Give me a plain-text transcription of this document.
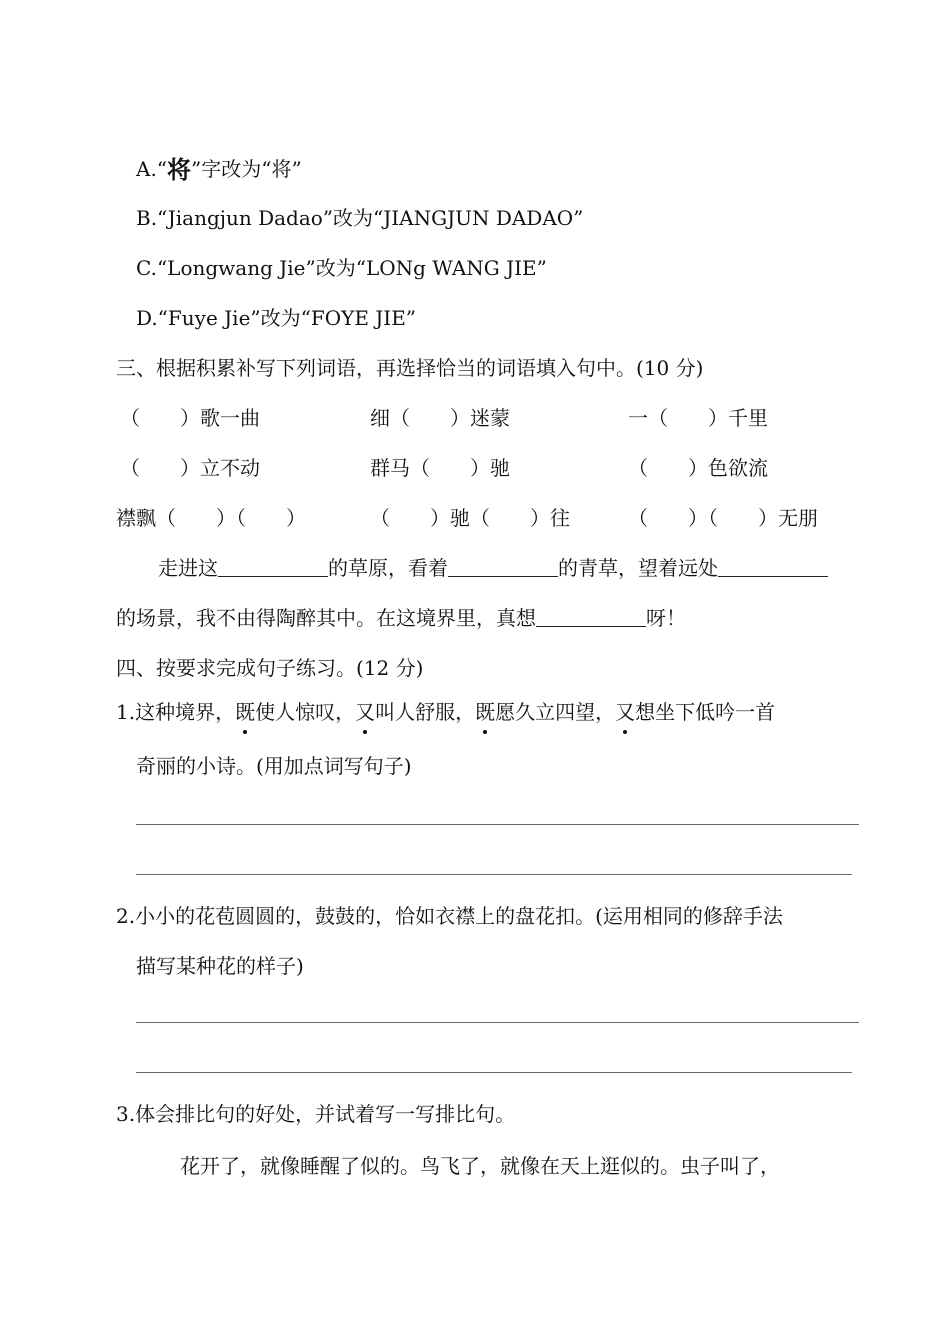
A.“将”字改为“将”
B.“Jiangjun Dadao”改为“JIANGJUN DADAO”
C.“Longwang Jie”改为“LONg WANG JIE”
D.“Fuye Jie”改为“FOYE JIE”
三、根据积累补写下列词语，再选择恰当的词语填入句中。(10 分)
（　　）歌一曲	细（　　）迷蒙	一（　　）千里
（　　）立不动	群马（　　）驰	（　　）色欲流
襟飘（　　）（　　）	（　　）驰（　　）往	（　　）（　　）无朋
走进这	的草原，看着	的青草，望着远处
的场景，我不由得陶醉其中。在这境界里，真想	呀！
四、按要求完成句子练习。(12 分)
1.这种境界，既使人惊叹，又叫人舒服，既愿久立四望，又想坐下低吟一首
奇丽的小诗。(用加点词写句子)
2.小小的花苞圆圆的，鼓鼓的，恰如衣襟上的盘花扣。(运用相同的修辞手法
描写某种花的样子)
3.体会排比句的好处，并试着写一写排比句。
花开了，就像睡醒了似的。鸟飞了，就像在天上逛似的。虫子叫了，
